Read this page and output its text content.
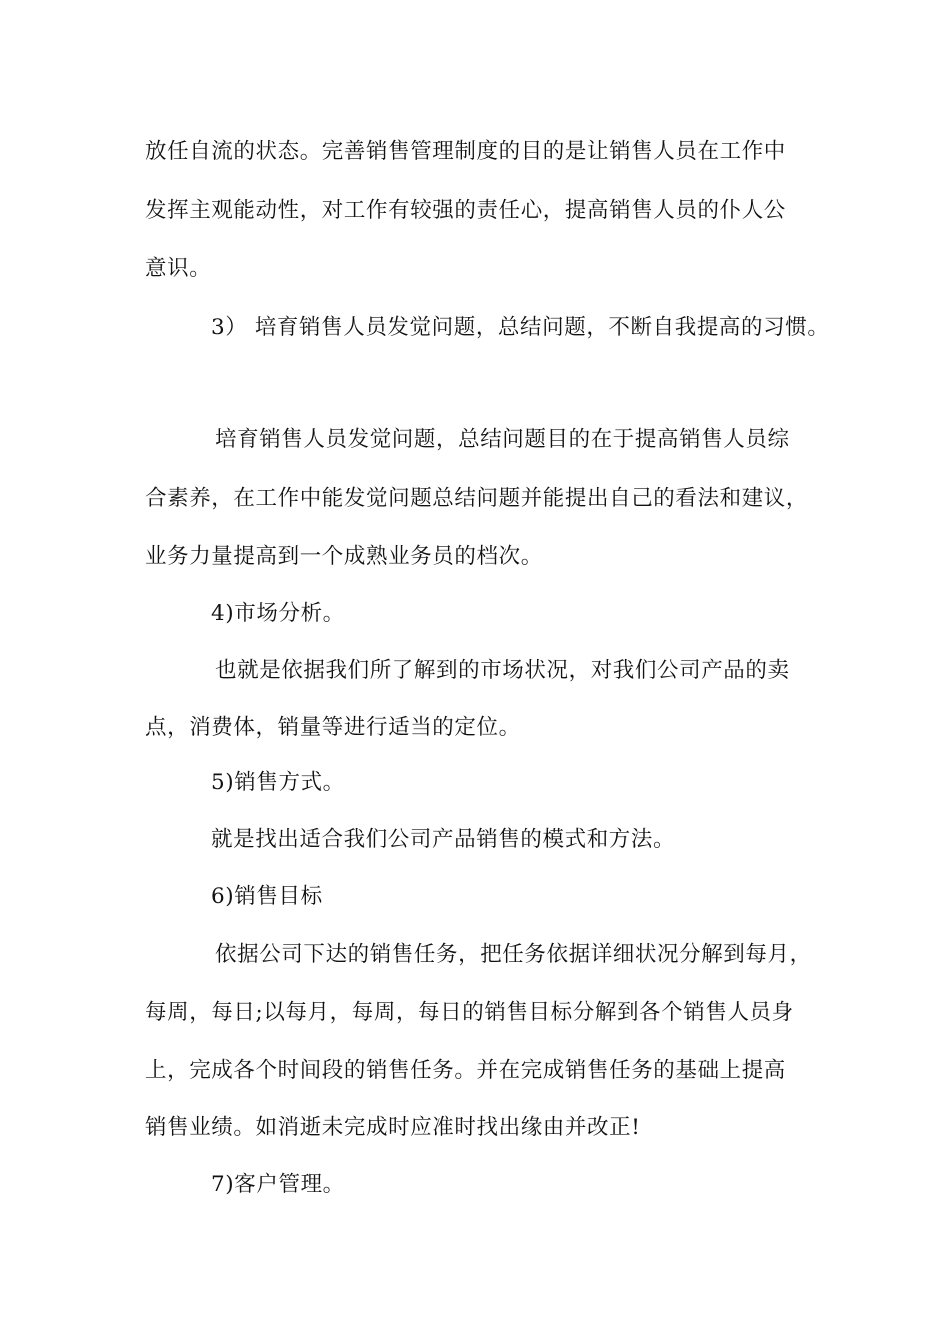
放任自流的状态。完善销售管理制度的目的是让销售人员在工作中
发挥主观能动性，对工作有较强的责任心，提高销售人员的仆人公
意识。
3） 培育销售人员发觉问题，总结问题，不断自我提高的习惯。
培育销售人员发觉问题，总结问题目的在于提高销售人员综
合素养，在工作中能发觉问题总结问题并能提出自己的看法和建议，
业务力量提高到一个成熟业务员的档次。
4)市场分析。
也就是依据我们所了解到的市场状况，对我们公司产品的卖
点，消费体，销量等进行适当的定位。
5)销售方式。
就是找出适合我们公司产品销售的模式和方法。
6)销售目标
依据公司下达的销售任务，把任务依据详细状况分解到每月，
每周，每日;以每月，每周，每日的销售目标分解到各个销售人员身
上，完成各个时间段的销售任务。并在完成销售任务的基础上提高
销售业绩。如消逝未完成时应准时找出缘由并改正!
7)客户管理。
